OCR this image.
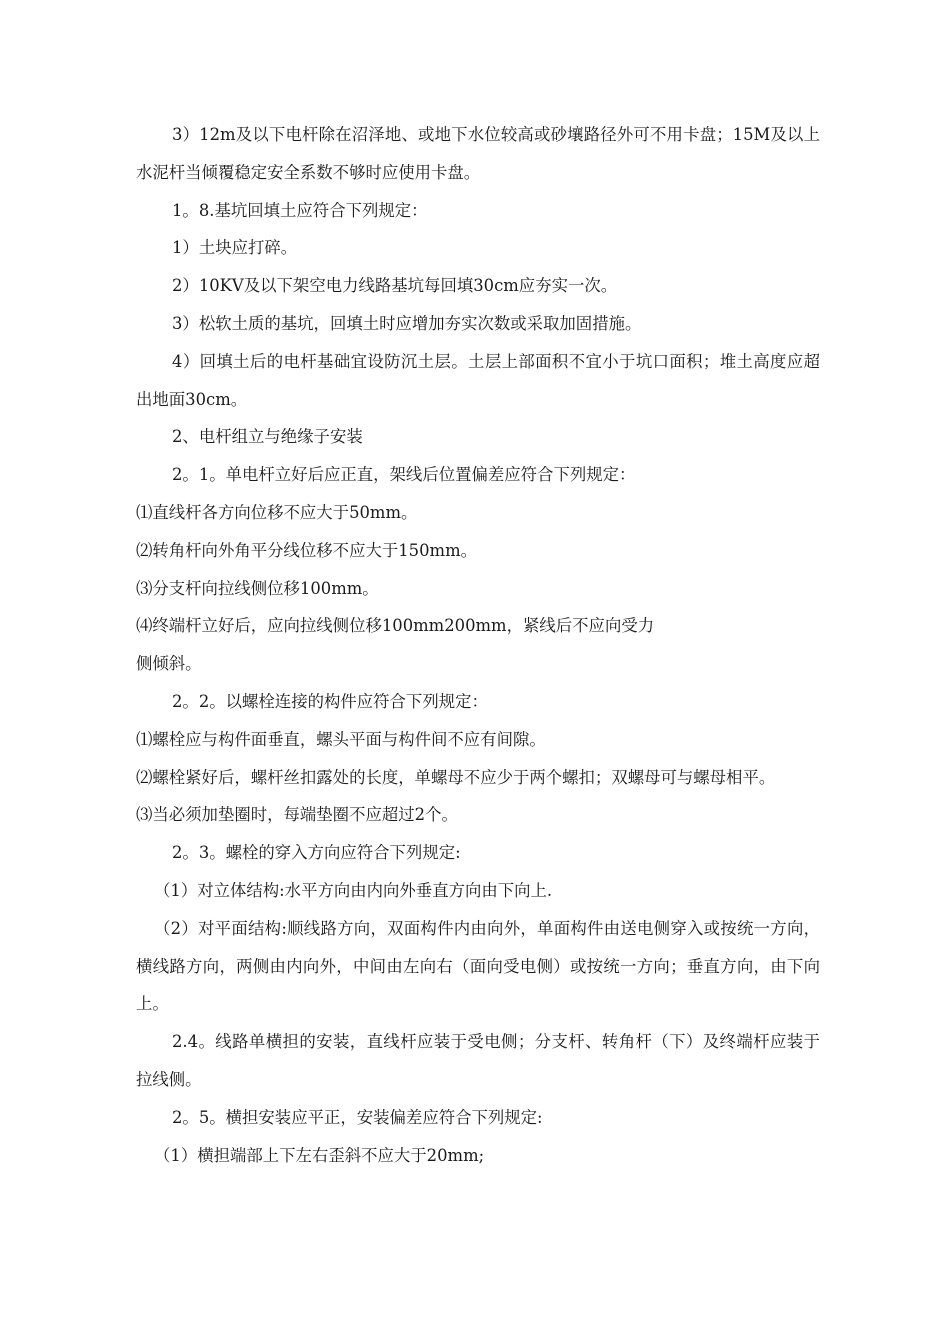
3）12m及以下电杆除在沼泽地、或地下水位较高或砂壤路径外可不用卡盘；15M及以上水泥杆当倾覆稳定安全系数不够时应使用卡盘。

1。8.基坑回填土应符合下列规定：

1）土块应打碎。

2）10KV及以下架空电力线路基坑每回填30cm应夯实一次。

3）松软土质的基坑，回填土时应增加夯实次数或采取加固措施。

4）回填土后的电杆基础宜设防沉土层。土层上部面积不宜小于坑口面积；堆土高度应超出地面30cm。

2、电杆组立与绝缘子安装

2。1。单电杆立好后应正直，架线后位置偏差应符合下列规定：

⑴直线杆各方向位移不应大于50mm。

⑵转角杆向外角平分线位移不应大于150mm。

⑶分支杆向拉线侧位移100mm。

⑷终端杆立好后，应向拉线侧位移100mm200mm，紧线后不应向受力

侧倾斜。

2。2。以螺栓连接的构件应符合下列规定：

⑴螺栓应与构件面垂直，螺头平面与构件间不应有间隙。

⑵螺栓紧好后，螺杆丝扣露处的长度，单螺母不应少于两个螺扣；双螺母可与螺母相平。

⑶当必须加垫圈时，每端垫圈不应超过2个。

2。3。螺栓的穿入方向应符合下列规定:

（1）对立体结构:水平方向由内向外垂直方向由下向上.

（2）对平面结构:顺线路方向，双面构件内由向外，单面构件由送电侧穿入或按统一方向，横线路方向，两侧由内向外，中间由左向右（面向受电侧）或按统一方向；垂直方向，由下向上。

2.4。线路单横担的安装，直线杆应装于受电侧；分支杆、转角杆（下）及终端杆应装于拉线侧。

2。5。横担安装应平正，安装偏差应符合下列规定:

（1）横担端部上下左右歪斜不应大于20mm;
